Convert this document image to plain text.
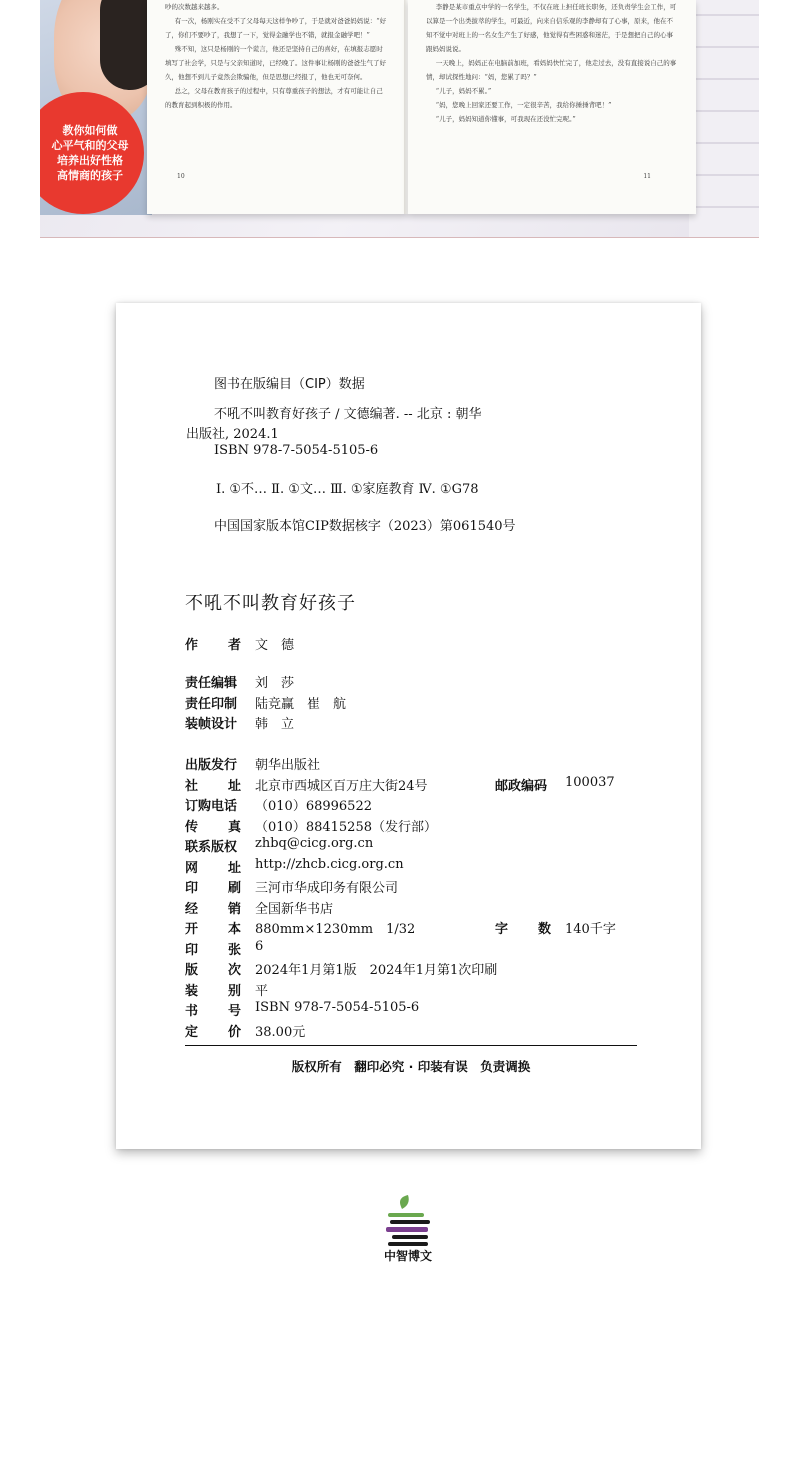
教你如何做
心平气和的父母
培养出好性格
高情商的孩子

吵的次数越来越多。

有一次，杨刚实在受不了父母每天这样争吵了，于是就对爸爸妈妈说：“好了，你们不要吵了，我想了一下，觉得金融学也不错，就报金融学吧！”

殊不知，这只是杨刚的一个谎言，他还是坚持自己的喜好，在填报志愿时填写了社会学，只是与父亲知道时，已经晚了。这件事让杨刚的爸爸生气了好久，他想不到儿子竟然会欺骗他，但是思想已经报了，他也无可奈何。

总之，父母在教育孩子的过程中，只有尊重孩子的想法，才有可能让自己的教育起到积极的作用。

10

李静是某市重点中学的一名学生，不仅在班上担任班长职务，还负责学生会工作，可以算是一个出类拔萃的学生，可最近，向来自信乐观的李静却有了心事，原来，他在不知不觉中对班上的一名女生产生了好感，他觉得有些困惑和迷茫，于是想把自己的心事跟妈妈说说。

一天晚上，妈妈正在电脑前加班，看妈妈快忙完了，他走过去，没有直接说自己的事情，却试探性地问：“妈，您累了吗？”

“儿子，妈妈不累。”

“妈，您晚上回家还要工作，一定很辛苦，我给你捶捶背吧！”

“儿子，妈妈知道你懂事，可我现在还没忙完呢。”

11
图书在版编目（CIP）数据
不吼不叫教育好孩子 / 文德编著. -- 北京 : 朝华
出版社, 2024.1
ISBN 978-7-5054-5105-6
Ⅰ. ①不… Ⅱ. ①文… Ⅲ. ①家庭教育 Ⅳ. ①G78
中国国家版本馆CIP数据核字（2023）第061540号
不吼不叫教育好孩子
作 者 文　德
责任编辑	刘　莎
责任印制	陆竞赢　崔　航
装帧设计	韩　立
出版发行	朝华出版社
社 址 北京市西城区百万庄大街24号	邮政编码 100037
订购电话	（010）68996522
传 真 （010）88415258（发行部）
联系版权	zhbq@cicg.org.cn
网 址 http://zhcb.cicg.org.cn
印 刷 三河市华成印务有限公司
经 销 全国新华书店
开 本 880mm×1230mm　1/32	字 数 140千字
印 张 6
版 次 2024年1月第1版　2024年1月第1次印刷
装 别 平
书 号 ISBN 978-7-5054-5105-6
定 价 38.00元
版权所有　翻印必究 · 印装有误　负责调换
中智博文
